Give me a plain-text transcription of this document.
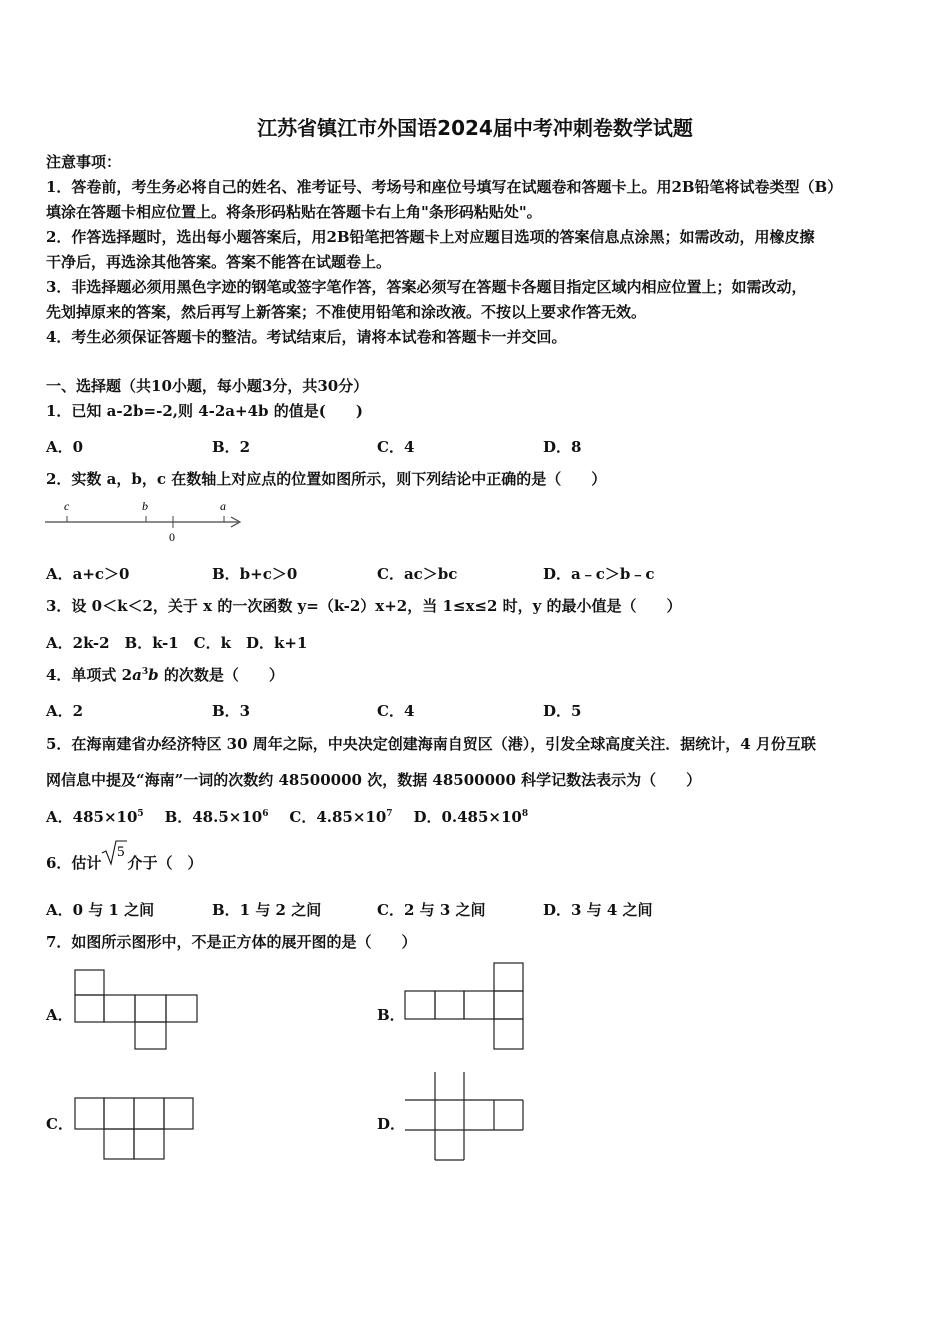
江苏省镇江市外国语2024届中考冲刺卷数学试题
注意事项：
1．答卷前，考生务必将自己的姓名、准考证号、考场号和座位号填写在试题卷和答题卡上。用2B铅笔将试卷类型（B）
填涂在答题卡相应位置上。将条形码粘贴在答题卡右上角"条形码粘贴处"。
2．作答选择题时，选出每小题答案后，用2B铅笔把答题卡上对应题目选项的答案信息点涂黑；如需改动，用橡皮擦
干净后，再选涂其他答案。答案不能答在试题卷上。
3．非选择题必须用黑色字迹的钢笔或签字笔作答，答案必须写在答题卡各题目指定区域内相应位置上；如需改动，
先划掉原来的答案，然后再写上新答案；不准使用铅笔和涂改液。不按以上要求作答无效。
4．考生必须保证答题卡的整洁。考试结束后，请将本试卷和答题卡一并交回。
一、选择题（共10小题，每小题3分，共30分）
1．已知 a-2b=-2,则 4-2a+4b 的值是(　　)
A．0	B．2	C．4	D．8
2．实数 a，b，c 在数轴上对应点的位置如图所示，则下列结论中正确的是（　　）
c	b	a
0
A．a+c＞0	B．b+c＞0	C．ac＞bc	D．a﹣c＞b﹣c
3．设 0＜k＜2，关于 x 的一次函数 y=（k-2）x+2，当 1≤x≤2 时，y 的最小值是（　　）
A．2k-2　B．k-1　C．k　D．k+1
4．单项式 $2a^3b$ 的次数是（　　）
A．2	B．3	C．4	D．5
5．在海南建省办经济特区 30 周年之际，中央决定创建海南自贸区（港），引发全球高度关注．据统计，4 月份互联
网信息中提及“海南”一词的次数约 48500000 次，数据 48500000 科学记数法表示为（　　）
A．$485\times 10^5$ B．$48.5\times 10^6$ C．$4.85\times 10^7$ D．$0.485\times 10^8$
6．估计
5
介于（　）
A．0 与 1 之间	B．1 与 2 之间	C．2 与 3 之间	D．3 与 4 之间
7．如图所示图形中，不是正方体的展开图的是（　　）
A．	B．
C．	D．
